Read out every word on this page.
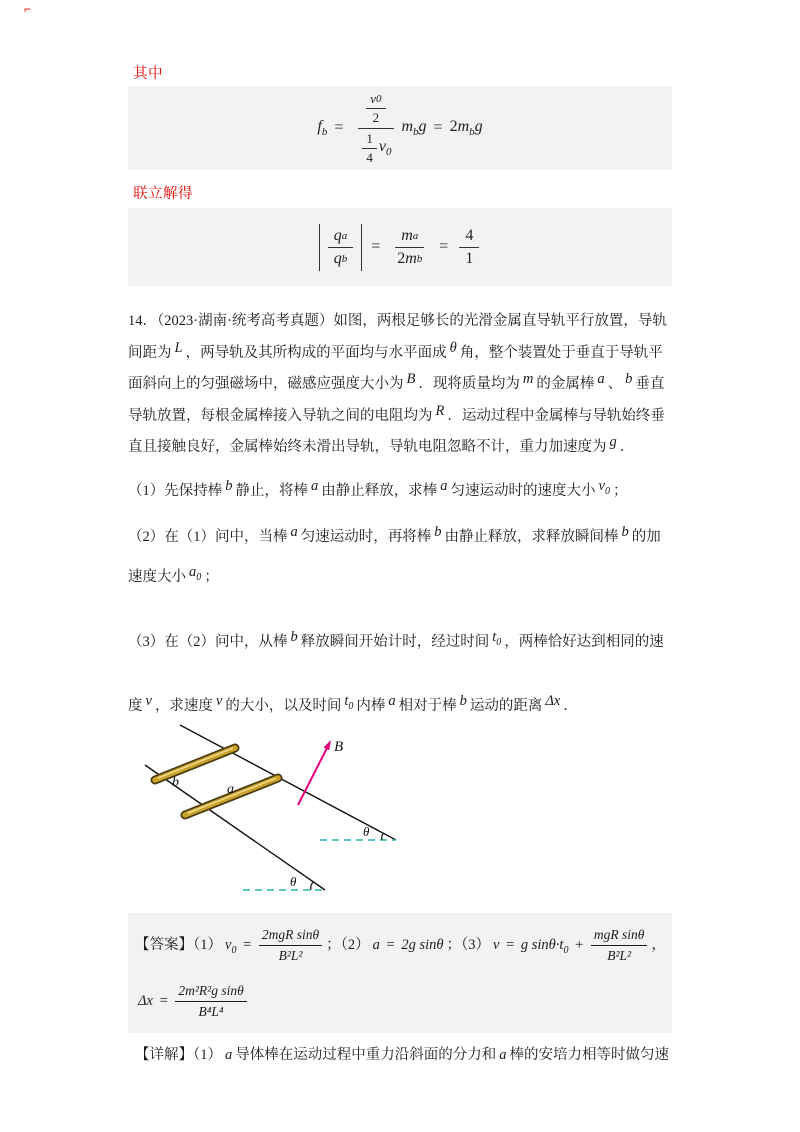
⌐
其中
$f_b = \frac{\frac{v 0}{2}}{\frac{1}{4} v_0} m_bg = 2m_bg$
联立解得
$\frac{\text{q a}}{\text{q b}} = \frac{\text{m a}}{\text{2 m b}} = \frac{4}{1}$

14．（2023·湖南·统考高考真题）如图，两根足够长的光滑金属直导轨平行放置，导轨间距为 L ，两导轨及其所构成的平面均与水平面成 θ 角，整个装置处于垂直于导轨平面斜向上的匀强磁场中，磁感应强度大小为 B ．现将质量均为 m 的金属棒 a 、 b 垂直导轨放置，每根金属棒接入导轨之间的电阻均为 R ．运动过程中金属棒与导轨始终垂直且接触良好，金属棒始终未滑出导轨，导轨电阻忽略不计，重力加速度为 g ．

（1）先保持棒 b 静止，将棒 a 由静止释放，求棒 a 匀速运动时的速度大小 $v_0$ ；

（2）在（1）问中，当棒 a 匀速运动时，再将棒 b 由静止释放，求释放瞬间棒 b 的加速度大小 $a_0$ ；

（3）在（2）问中，从棒 b 释放瞬间开始计时，经过时间 $t_0$ ，两棒恰好达到相同的速度 v ，求速度 v 的大小，以及时间 $t_0$ 内棒 a 相对于棒 b 运动的距离 Δx ．

b	a
B
θ
θ
【答案】（1） $v_0 = \frac{\text{2mgR sinθ}}{\text{B²L²}}$ ；（2） a = 2g sinθ ；（3） v = g $\sin\theta\cdot t_0 + \frac{\text{mgR sinθ}}{\text{B²L²}}$ ，
$\Delta x = \frac{\text{2m²R²g sinθ}}{\text{B⁴L⁴}}$
【详解】（1） a 导体棒在运动过程中重力沿斜面的分力和 a 棒的安培力相等时做匀速
